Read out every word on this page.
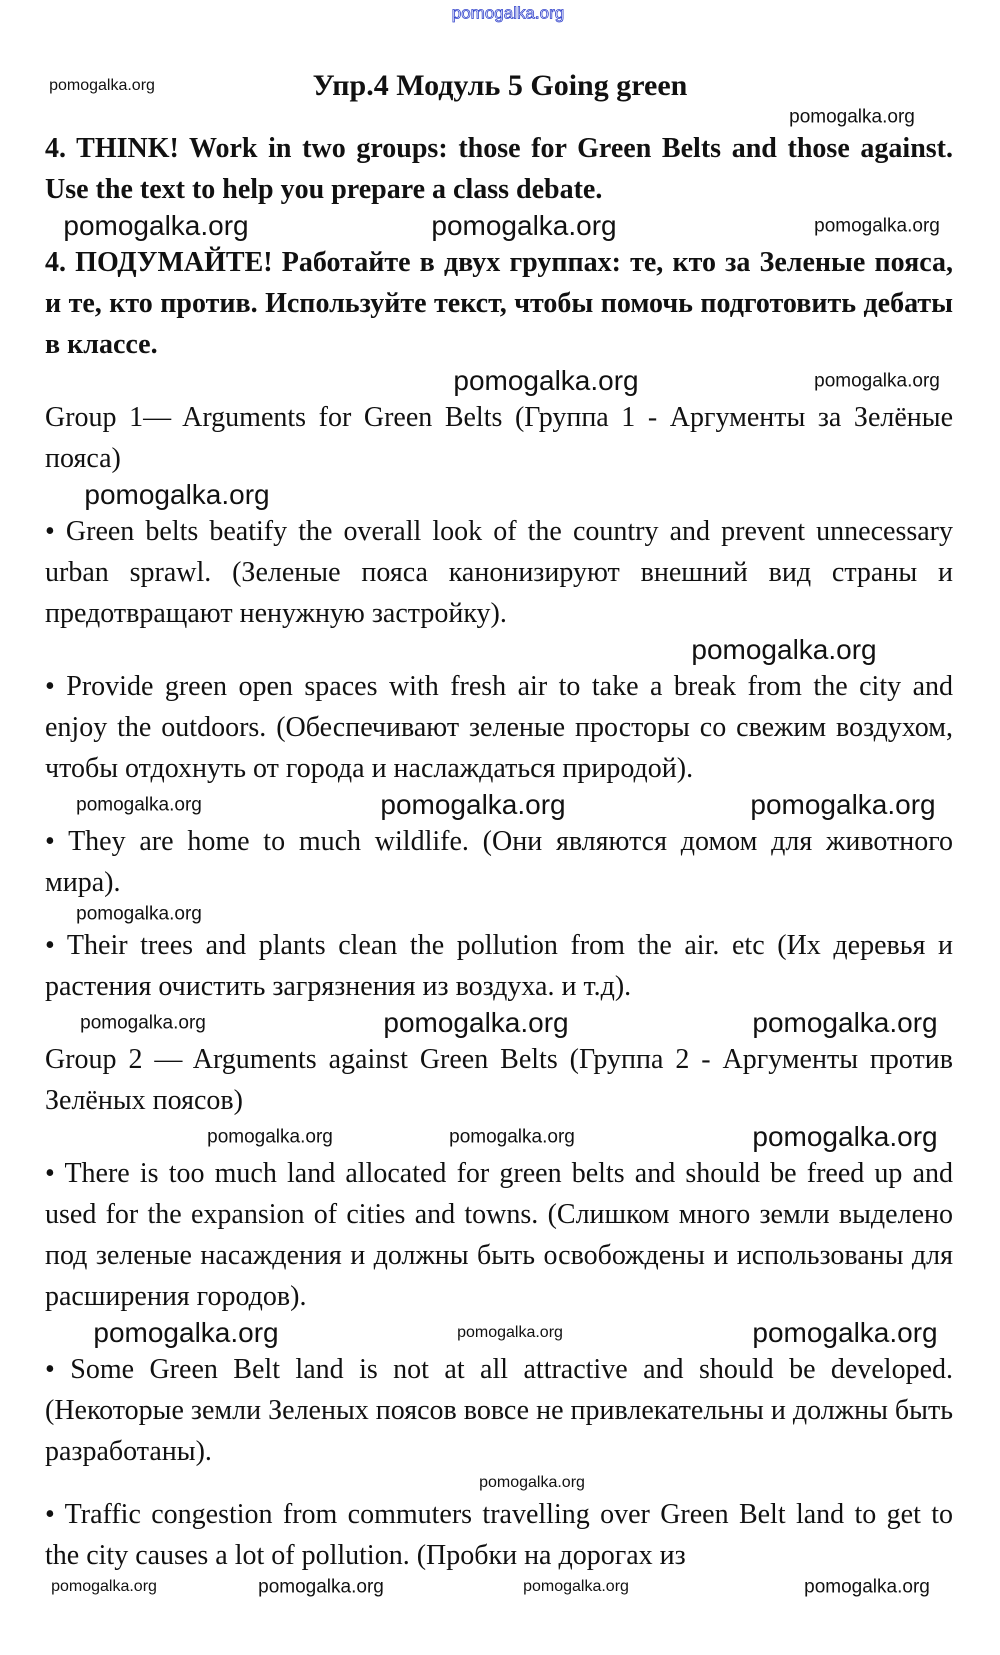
pomogalka.org
pomogalka.org	Упр.4 Модуль 5 Going green
pomogalka.org
4. THINK! Work in two groups: those for Green Belts and those against. Use the text to help you prepare a class debate.
pomogalka.org	pomogalka.org	pomogalka.org
4. ПОДУМАЙТЕ! Работайте в двух группах: те, кто за Зеленые пояса, и те, кто против. Используйте текст, чтобы помочь подготовить дебаты в классе.
pomogalka.org	pomogalka.org
Group 1— Arguments for Green Belts (Группа 1 - Аргументы за Зелёные пояса)
pomogalka.org
• Green belts beatify the overall look of the country and prevent unnecessary urban sprawl. (Зеленые пояса канонизируют внешний вид страны и предотвращают ненужную застройку).
pomogalka.org
• Provide green open spaces with fresh air to take a break from the city and enjoy the outdoors. (Обеспечивают зеленые просторы со свежим воздухом, чтобы отдохнуть от города и наслаждаться природой).
pomogalka.org	pomogalka.org	pomogalka.org
• They are home to much wildlife. (Они являются домом для животного мира).
pomogalka.org
• Their trees and plants clean the pollution from the air. etc (Их деревья и растения очистить загрязнения из воздуха. и т.д).
pomogalka.org	pomogalka.org	pomogalka.org
Group 2 — Arguments against Green Belts (Группа 2 - Аргументы против Зелёных поясов)
pomogalka.org	pomogalka.org	pomogalka.org
• There is too much land allocated for green belts and should be freed up and used for the expansion of cities and towns. (Слишком много земли выделено под зеленые насаждения и должны быть освобождены и использованы для расширения городов).
pomogalka.org	pomogalka.org	pomogalka.org
• Some Green Belt land is not at all attractive and should be developed. (Некоторые земли Зеленых поясов вовсе не привлекательны и должны быть разработаны).
pomogalka.org
• Traffic congestion from commuters travelling over Green Belt land to get to the city causes a lot of pollution. (Пробки на дорогах из
pomogalka.org	pomogalka.org	pomogalka.org	pomogalka.org
